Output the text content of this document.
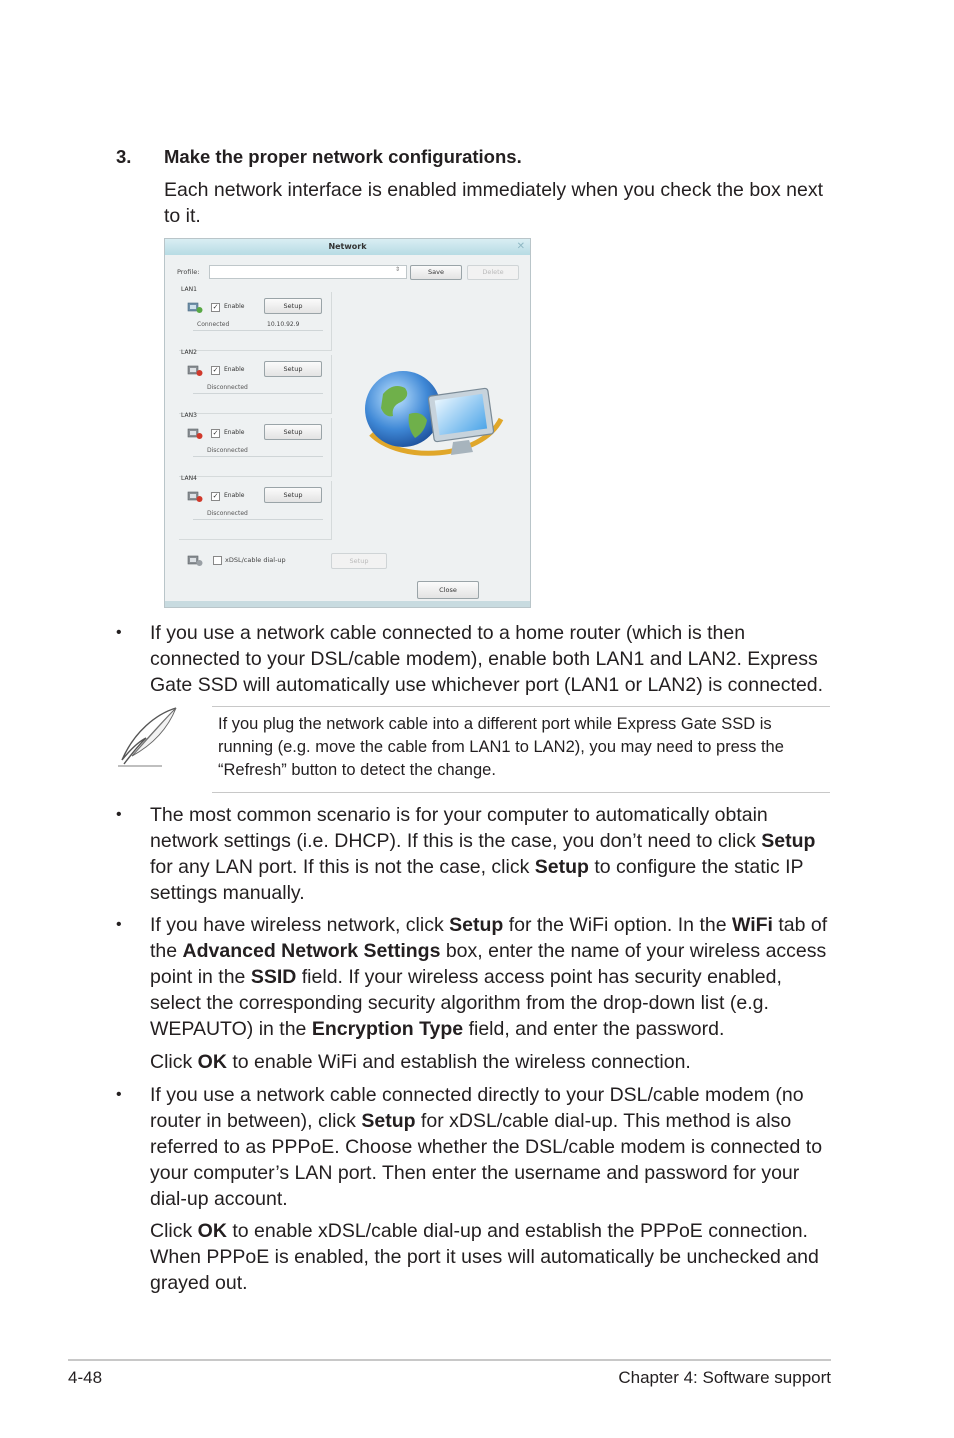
3. Make the proper network configurations.
Each network interface is enabled immediately when you check the box next to it.
Network	✕
Profile:	⇕	Save	Delete
LAN1
✓ Enable	Setup
Connected	10.10.92.9
LAN2
✓ Enable	Setup
Disconnected
LAN3
✓ Enable	Setup
Disconnected
LAN4
✓ Enable	Setup
Disconnected
xDSL/cable dial-up	Setup
Close
• If you use a network cable connected to a home router (which is then connected to your DSL/cable modem), enable both LAN1 and LAN2. Express Gate SSD will automatically use whichever port (LAN1 or LAN2) is connected.
If you plug the network cable into a different port while Express Gate SSD is running (e.g. move the cable from LAN1 to LAN2), you may need to press the “Refresh” button to detect the change.
• The most common scenario is for your computer to automatically obtain network settings (i.e. DHCP). If this is the case, you don’t need to click Setup for any LAN port. If this is not the case, click Setup to configure the static IP settings manually.
• If you have wireless network, click Setup for the WiFi option. In the WiFi tab of the Advanced Network Settings box, enter the name of your wireless access point in the SSID field. If your wireless access point has security enabled, select the corresponding security algorithm from the drop-down list (e.g. WEPAUTO) in the Encryption Type field, and enter the password.
Click OK to enable WiFi and establish the wireless connection.
• If you use a network cable connected directly to your DSL/cable modem (no router in between), click Setup for xDSL/cable dial-up. This method is also referred to as PPPoE. Choose whether the DSL/cable modem is connected to your computer’s LAN port. Then enter the username and password for your dial-up account.
Click OK to enable xDSL/cable dial-up and establish the PPPoE connection. When PPPoE is enabled, the port it uses will automatically be unchecked and grayed out.
4-48	Chapter 4: Software support
